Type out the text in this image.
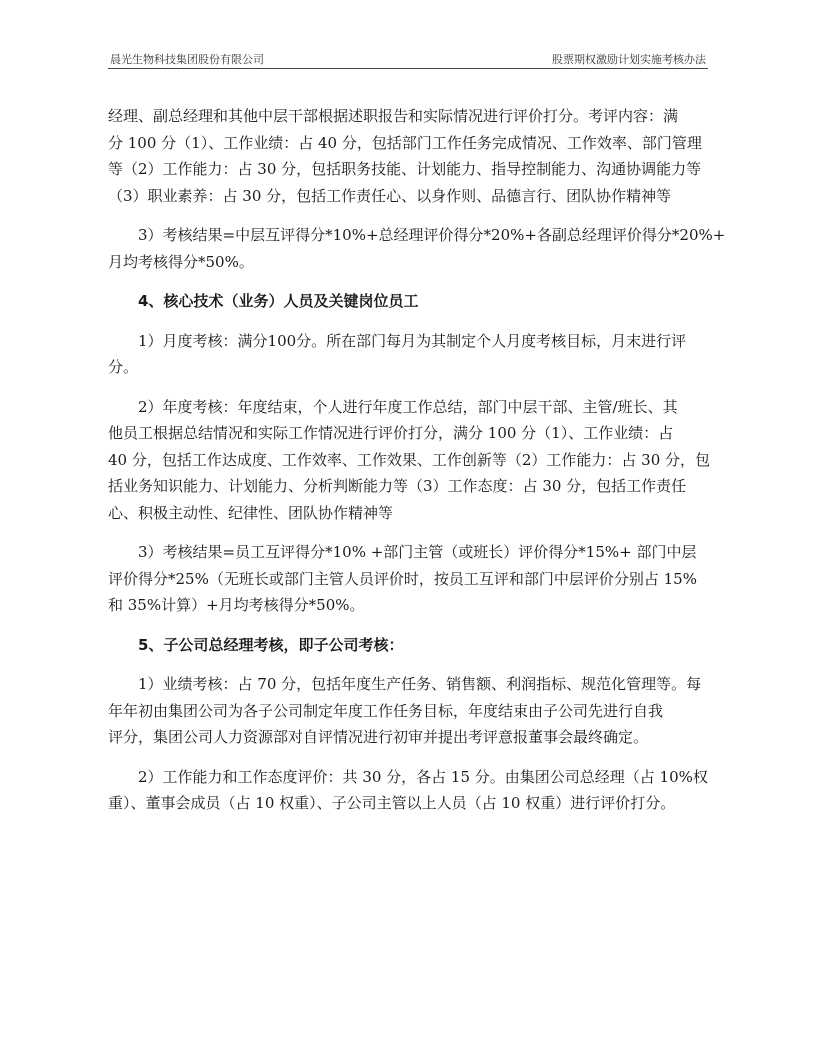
晨光生物科技集团股份有限公司	股票期权激励计划实施考核办法
经理、副总经理和其他中层干部根据述职报告和实际情况进行评价打分。考评内容：满
分 100 分（1）、工作业绩：占 40 分，包括部门工作任务完成情况、工作效率、部门管理
等（2）工作能力：占 30 分，包括职务技能、计划能力、指导控制能力、沟通协调能力等
（3）职业素养：占 30 分，包括工作责任心、以身作则、品德言行、团队协作精神等
3）考核结果=中层互评得分*10%+总经理评价得分*20%+各副总经理评价得分*20%+
月均考核得分*50%。
4、核心技术（业务）人员及关键岗位员工
1）月度考核：满分100分。所在部门每月为其制定个人月度考核目标，月末进行评
分。
2）年度考核：年度结束，个人进行年度工作总结，部门中层干部、主管/班长、其
他员工根据总结情况和实际工作情况进行评价打分，满分 100 分（1）、工作业绩：占
40 分，包括工作达成度、工作效率、工作效果、工作创新等（2）工作能力：占 30 分，包
括业务知识能力、计划能力、分析判断能力等（3）工作态度：占 30 分，包括工作责任
心、积极主动性、纪律性、团队协作精神等
3）考核结果=员工互评得分*10% +部门主管（或班长）评价得分*15%+ 部门中层
评价得分*25%（无班长或部门主管人员评价时，按员工互评和部门中层评价分别占 15%
和 35%计算）+月均考核得分*50%。
5、子公司总经理考核，即子公司考核：
1）业绩考核：占 70 分，包括年度生产任务、销售额、利润指标、规范化管理等。每
年年初由集团公司为各子公司制定年度工作任务目标，年度结束由子公司先进行自我
评分，集团公司人力资源部对自评情况进行初审并提出考评意报董事会最终确定。
2）工作能力和工作态度评价：共 30 分，各占 15 分。由集团公司总经理（占 10%权
重）、董事会成员（占 10 权重）、子公司主管以上人员（占 10 权重）进行评价打分。
